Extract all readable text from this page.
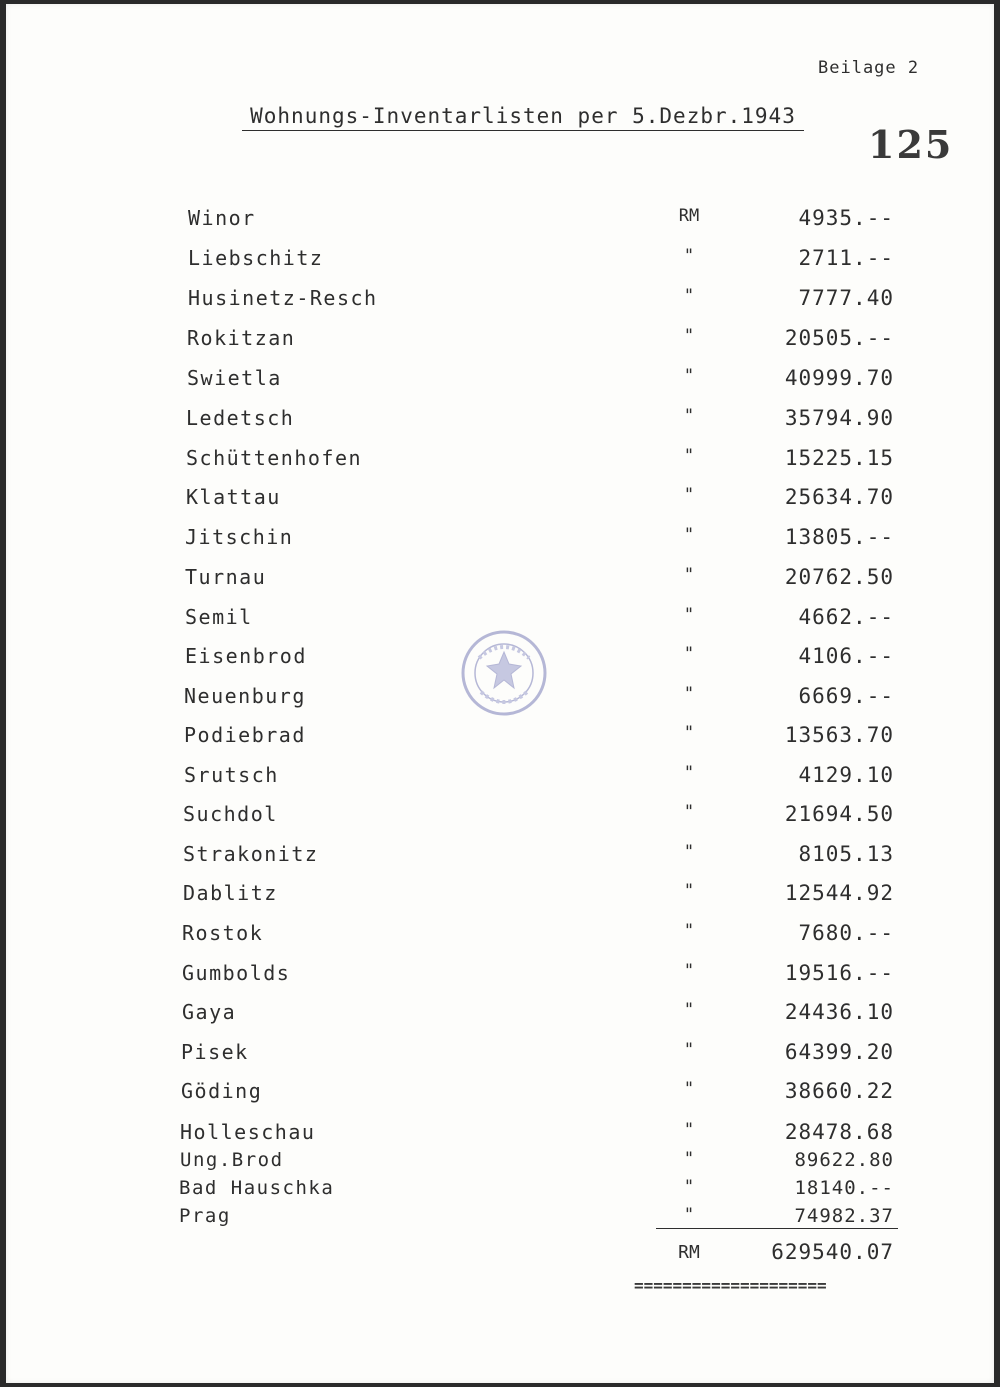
Beilage 2
125
Wohnungs-Inventarlisten per 5.Dezbr.1943
Winor	RM	4935.--
Liebschitz	"	2711.--
Husinetz-Resch	"	7777.40
Rokitzan	"	20505.--
Swietla	"	40999.70
Ledetsch	"	35794.90
Schüttenhofen	"	15225.15
Klattau	"	25634.70
Jitschin	"	13805.--
Turnau	"	20762.50
Semil	"	4662.--
Eisenbrod	"	4106.--
Neuenburg	"	6669.--
Podiebrad	"	13563.70
Srutsch	"	4129.10
Suchdol	"	21694.50
Strakonitz	"	8105.13
Dablitz	"	12544.92
Rostok	"	7680.--
Gumbolds	"	19516.--
Gaya	"	24436.10
Pisek	"	64399.20
Göding	"	38660.22
Holleschau	"	28478.68
Ung.Brod	"	89622.80
Bad Hauschka	"	18140.--
Prag	"	74982.37
RM	629540.07
====================
